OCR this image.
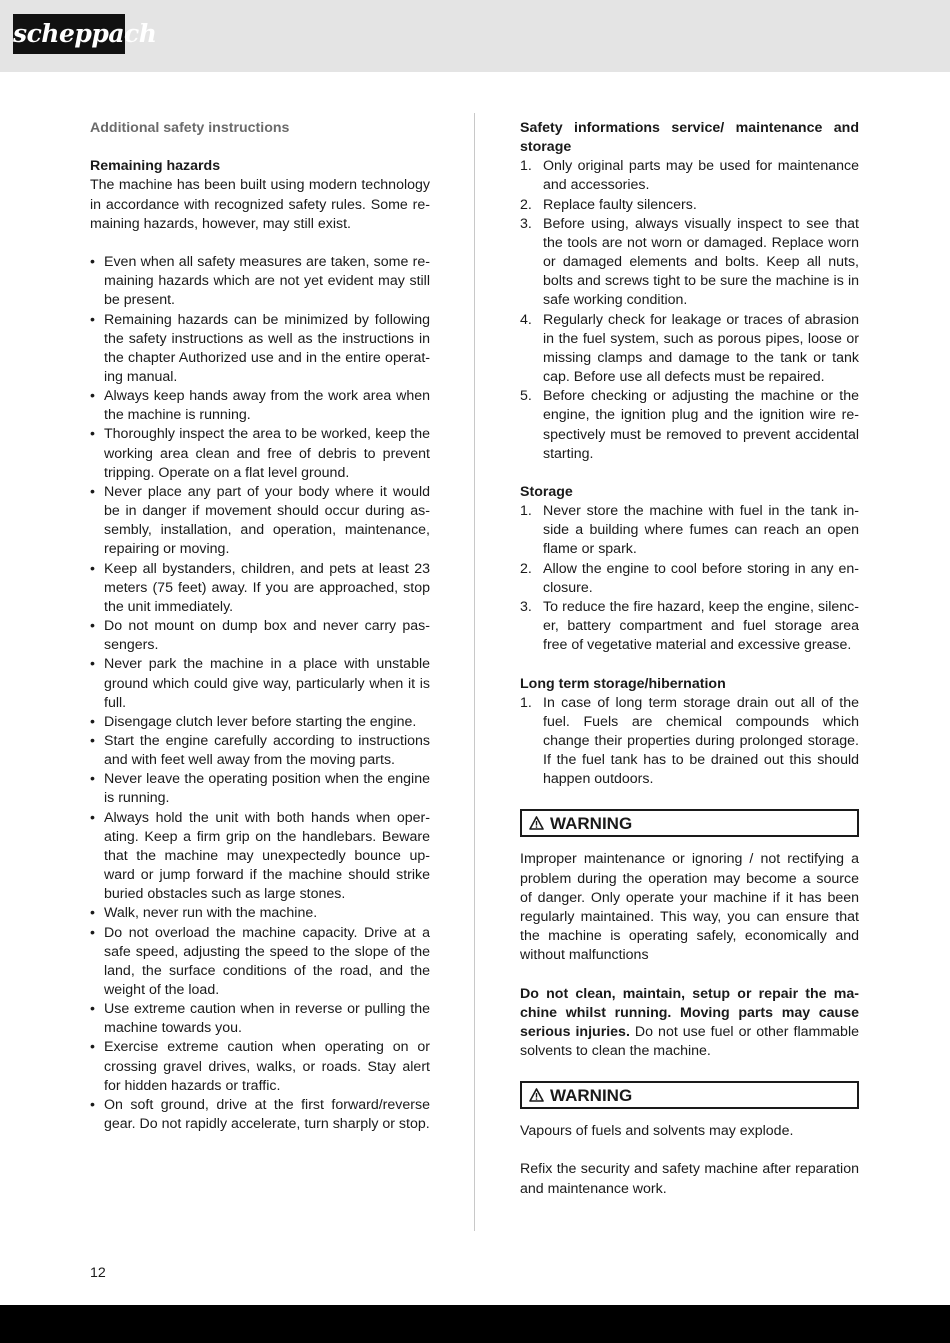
scheppach

Additional safety instructions

Remaining hazards

The machine has been built using modern technology in accordance with recognized safety rules. Some re-maining hazards, however, may still exist.

• Even when all safety measures are taken, some re-maining hazards which are not yet evident may still be present.
• Remaining hazards can be minimized by following the safety instructions as well as the instructions in the chapter Authorized use and in the entire operat-ing manual.
• Always keep hands away from the work area when the machine is running.
• Thoroughly inspect the area to be worked, keep the working area clean and free of debris to prevent tripping. Operate on a flat level ground.
• Never place any part of your body where it would be in danger if movement should occur during as-sembly, installation, and operation, maintenance, repairing or moving.
• Keep all bystanders, children, and pets at least 23 meters (75 feet) away. If you are approached, stop the unit immediately.
• Do not mount on dump box and never carry pas-sengers.
• Never park the machine in a place with unstable ground which could give way, particularly when it is full.
• Disengage clutch lever before starting the engine.
• Start the engine carefully according to instructions and with feet well away from the moving parts.
• Never leave the operating position when the engine is running.
• Always hold the unit with both hands when oper-ating. Keep a firm grip on the handlebars. Beware that the machine may unexpectedly bounce up-ward or jump forward if the machine should strike buried obstacles such as large stones.
• Walk, never run with the machine.
• Do not overload the machine capacity. Drive at a safe speed, adjusting the speed to the slope of the land, the surface conditions of the road, and the weight of the load.
• Use extreme caution when in reverse or pulling the machine towards you.
• Exercise extreme caution when operating on or crossing gravel drives, walks, or roads. Stay alert for hidden hazards or traffic.
• On soft ground, drive at the first forward/reverse gear. Do not rapidly accelerate, turn sharply or stop.

Safety informations service/ maintenance and storage

1. Only original parts may be used for maintenance and accessories.
2. Replace faulty silencers.
3. Before using, always visually inspect to see that the tools are not worn or damaged. Replace worn or damaged elements and bolts. Keep all nuts, bolts and screws tight to be sure the machine is in safe working condition.
4. Regularly check for leakage or traces of abrasion in the fuel system, such as porous pipes, loose or missing clamps and damage to the tank or tank cap. Before use all defects must be repaired.
5. Before checking or adjusting the machine or the engine, the ignition plug and the ignition wire re-spectively must be removed to prevent accidental starting.

Storage

1. Never store the machine with fuel in the tank in-side a building where fumes can reach an open flame or spark.
2. Allow the engine to cool before storing in any en-closure.
3. To reduce the fire hazard, keep the engine, silenc-er, battery compartment and fuel storage area free of vegetative material and excessive grease.

Long term storage/hibernation

1. In case of long term storage drain out all of the fuel. Fuels are chemical compounds which change their properties during prolonged storage. If the fuel tank has to be drained out this should happen outdoors.
WARNING

Improper maintenance or ignoring / not rectifying a problem during the operation may become a source of danger. Only operate your machine if it has been regularly maintained. This way, you can ensure that the machine is operating safely, economically and without malfunctions

Do not clean, maintain, setup or repair the ma-chine whilst running. Moving parts may cause serious injuries. Do not use fuel or other flammable solvents to clean the machine.

WARNING

Vapours of fuels and solvents may explode.

Refix the security and safety machine after reparation and maintenance work.

12
